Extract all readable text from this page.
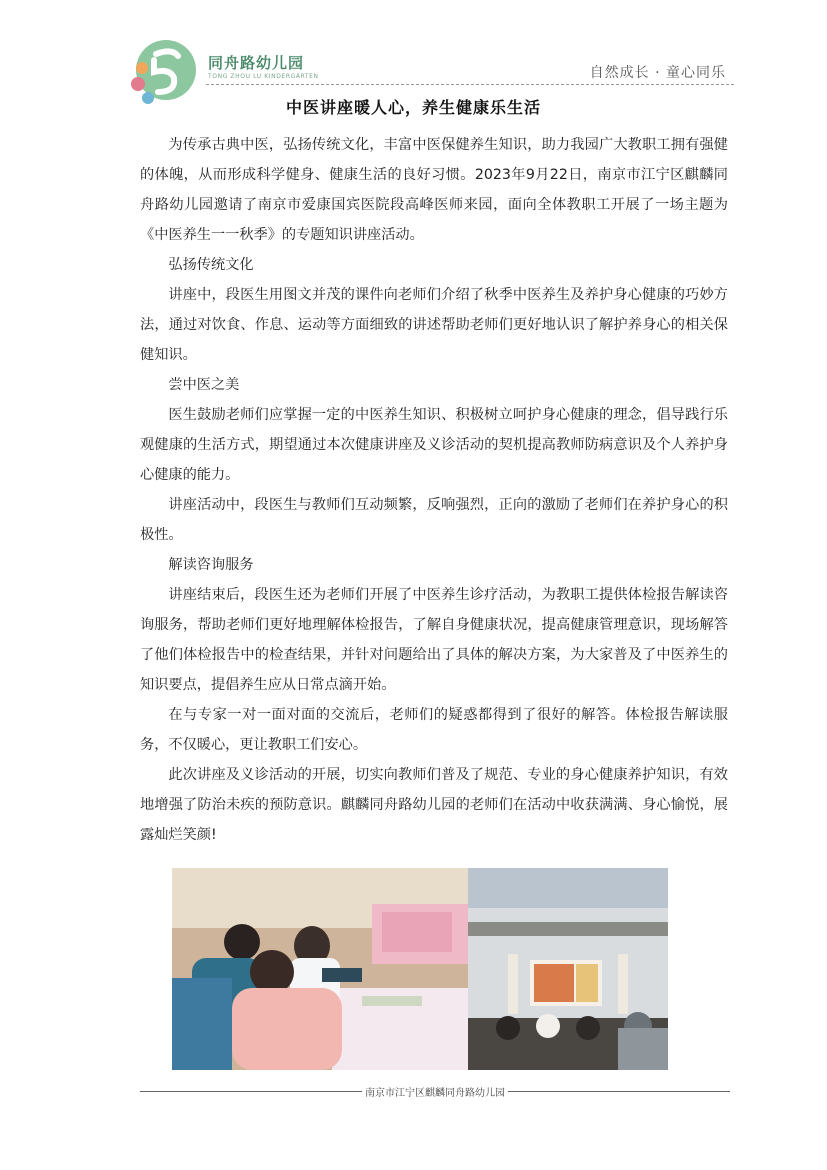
同舟路幼儿园
TONG ZHOU LU KINDERGARTEN	自然成长 · 童心同乐
中医讲座暖人心，养生健康乐生活

为传承古典中医，弘扬传统文化，丰富中医保健养生知识，助力我园广大教职工拥有强健的体魄，从而形成科学健身、健康生活的良好习惯。2023年9月22日，南京市江宁区麒麟同舟路幼儿园邀请了南京市爱康国宾医院段高峰医师来园，面向全体教职工开展了一场主题为《中医养生一一秋季》的专题知识讲座活动。

弘扬传统文化

讲座中，段医生用图文并茂的课件向老师们介绍了秋季中医养生及养护身心健康的巧妙方法，通过对饮食、作息、运动等方面细致的讲述帮助老师们更好地认识了解护养身心的相关保健知识。

尝中医之美

医生鼓励老师们应掌握一定的中医养生知识、积极树立呵护身心健康的理念，倡导践行乐观健康的生活方式，期望通过本次健康讲座及义诊活动的契机提高教师防病意识及个人养护身心健康的能力。

讲座活动中，段医生与教师们互动频繁，反响强烈，正向的激励了老师们在养护身心的积极性。

解读咨询服务

讲座结束后，段医生还为老师们开展了中医养生诊疗活动，为教职工提供体检报告解读咨询服务，帮助老师们更好地理解体检报告，了解自身健康状况，提高健康管理意识，现场解答了他们体检报告中的检查结果，并针对问题给出了具体的解决方案，为大家普及了中医养生的知识要点，提倡养生应从日常点滴开始。

在与专家一对一面对面的交流后，老师们的疑惑都得到了很好的解答。体检报告解读服务，不仅暖心，更让教职工们安心。

此次讲座及义诊活动的开展，切实向教师们普及了规范、专业的身心健康养护知识，有效地增强了防治未疾的预防意识。麒麟同舟路幼儿园的老师们在活动中收获满满、身心愉悦，展露灿烂笑颜!

南京市江宁区麒麟同舟路幼儿园
